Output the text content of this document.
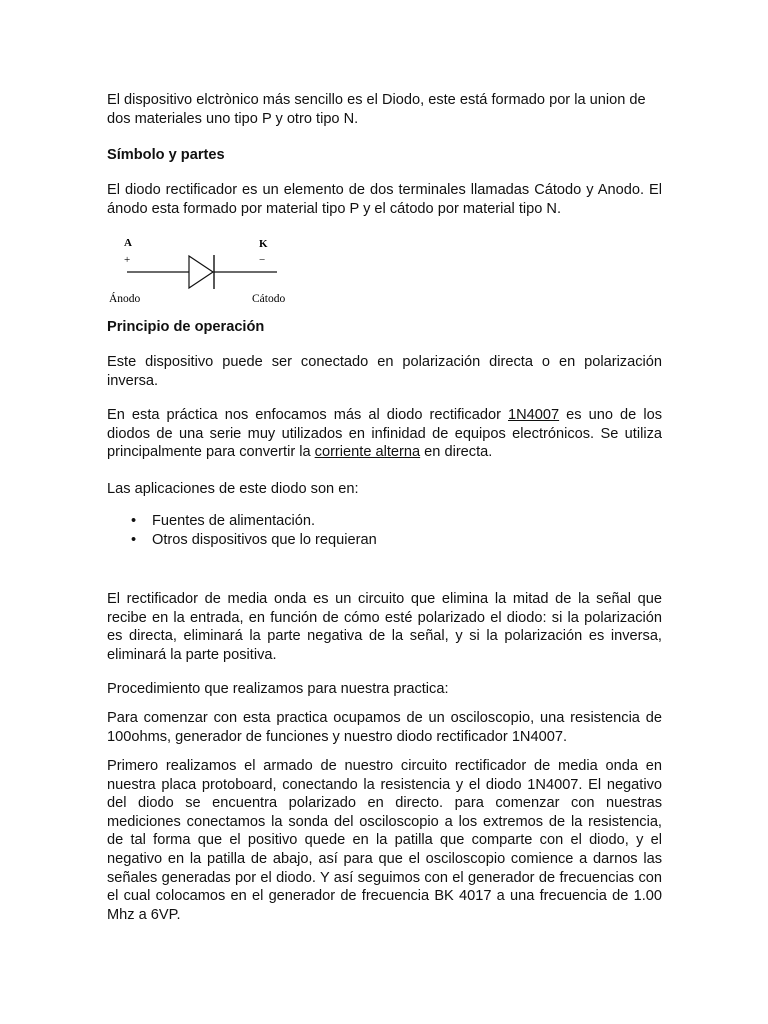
El dispositivo elctrònico más sencillo es el Diodo, este está formado por la union de
dos materiales uno tipo P y otro tipo N.

Símbolo y partes

El diodo rectificador es un elemento de dos terminales llamadas Cátodo y Anodo. El ánodo esta formado por material tipo P y el cátodo por material tipo N.

A
+
K
−
Ánodo	Cátodo

Principio de operación

Este dispositivo puede ser conectado en polarización directa o en polarización inversa.

En esta práctica nos enfocamos más al diodo rectificador 1N4007 es uno de los diodos de una serie muy utilizados en infinidad de equipos electrónicos. Se utiliza principalmente para convertir la corriente alterna en directa.

Las aplicaciones de este diodo son en:

• Fuentes de alimentación.
• Otros dispositivos que lo requieran

El rectificador de media onda es un circuito que elimina la mitad de la señal que recibe en la entrada, en función de cómo esté polarizado el diodo: si la polarización es directa, eliminará la parte negativa de la señal, y si la polarización es inversa, eliminará la parte positiva.

Procedimiento que realizamos para nuestra practica:

Para comenzar con esta practica ocupamos de un osciloscopio, una resistencia de 100ohms, generador de funciones y nuestro diodo rectificador 1N4007.

Primero realizamos el armado de nuestro circuito rectificador de media onda en nuestra placa protoboard, conectando la resistencia y el diodo 1N4007. El negativo del diodo se encuentra polarizado en directo. para comenzar con nuestras mediciones conectamos la sonda del osciloscopio a los extremos de la resistencia, de tal forma que el positivo quede en la patilla que comparte con el diodo, y el negativo en la patilla de abajo, así para que el osciloscopio comience a darnos las señales generadas por el diodo. Y así seguimos con el generador de frecuencias con el cual colocamos en el generador de frecuencia BK 4017 a una frecuencia de 1.00 Mhz a 6VP.
